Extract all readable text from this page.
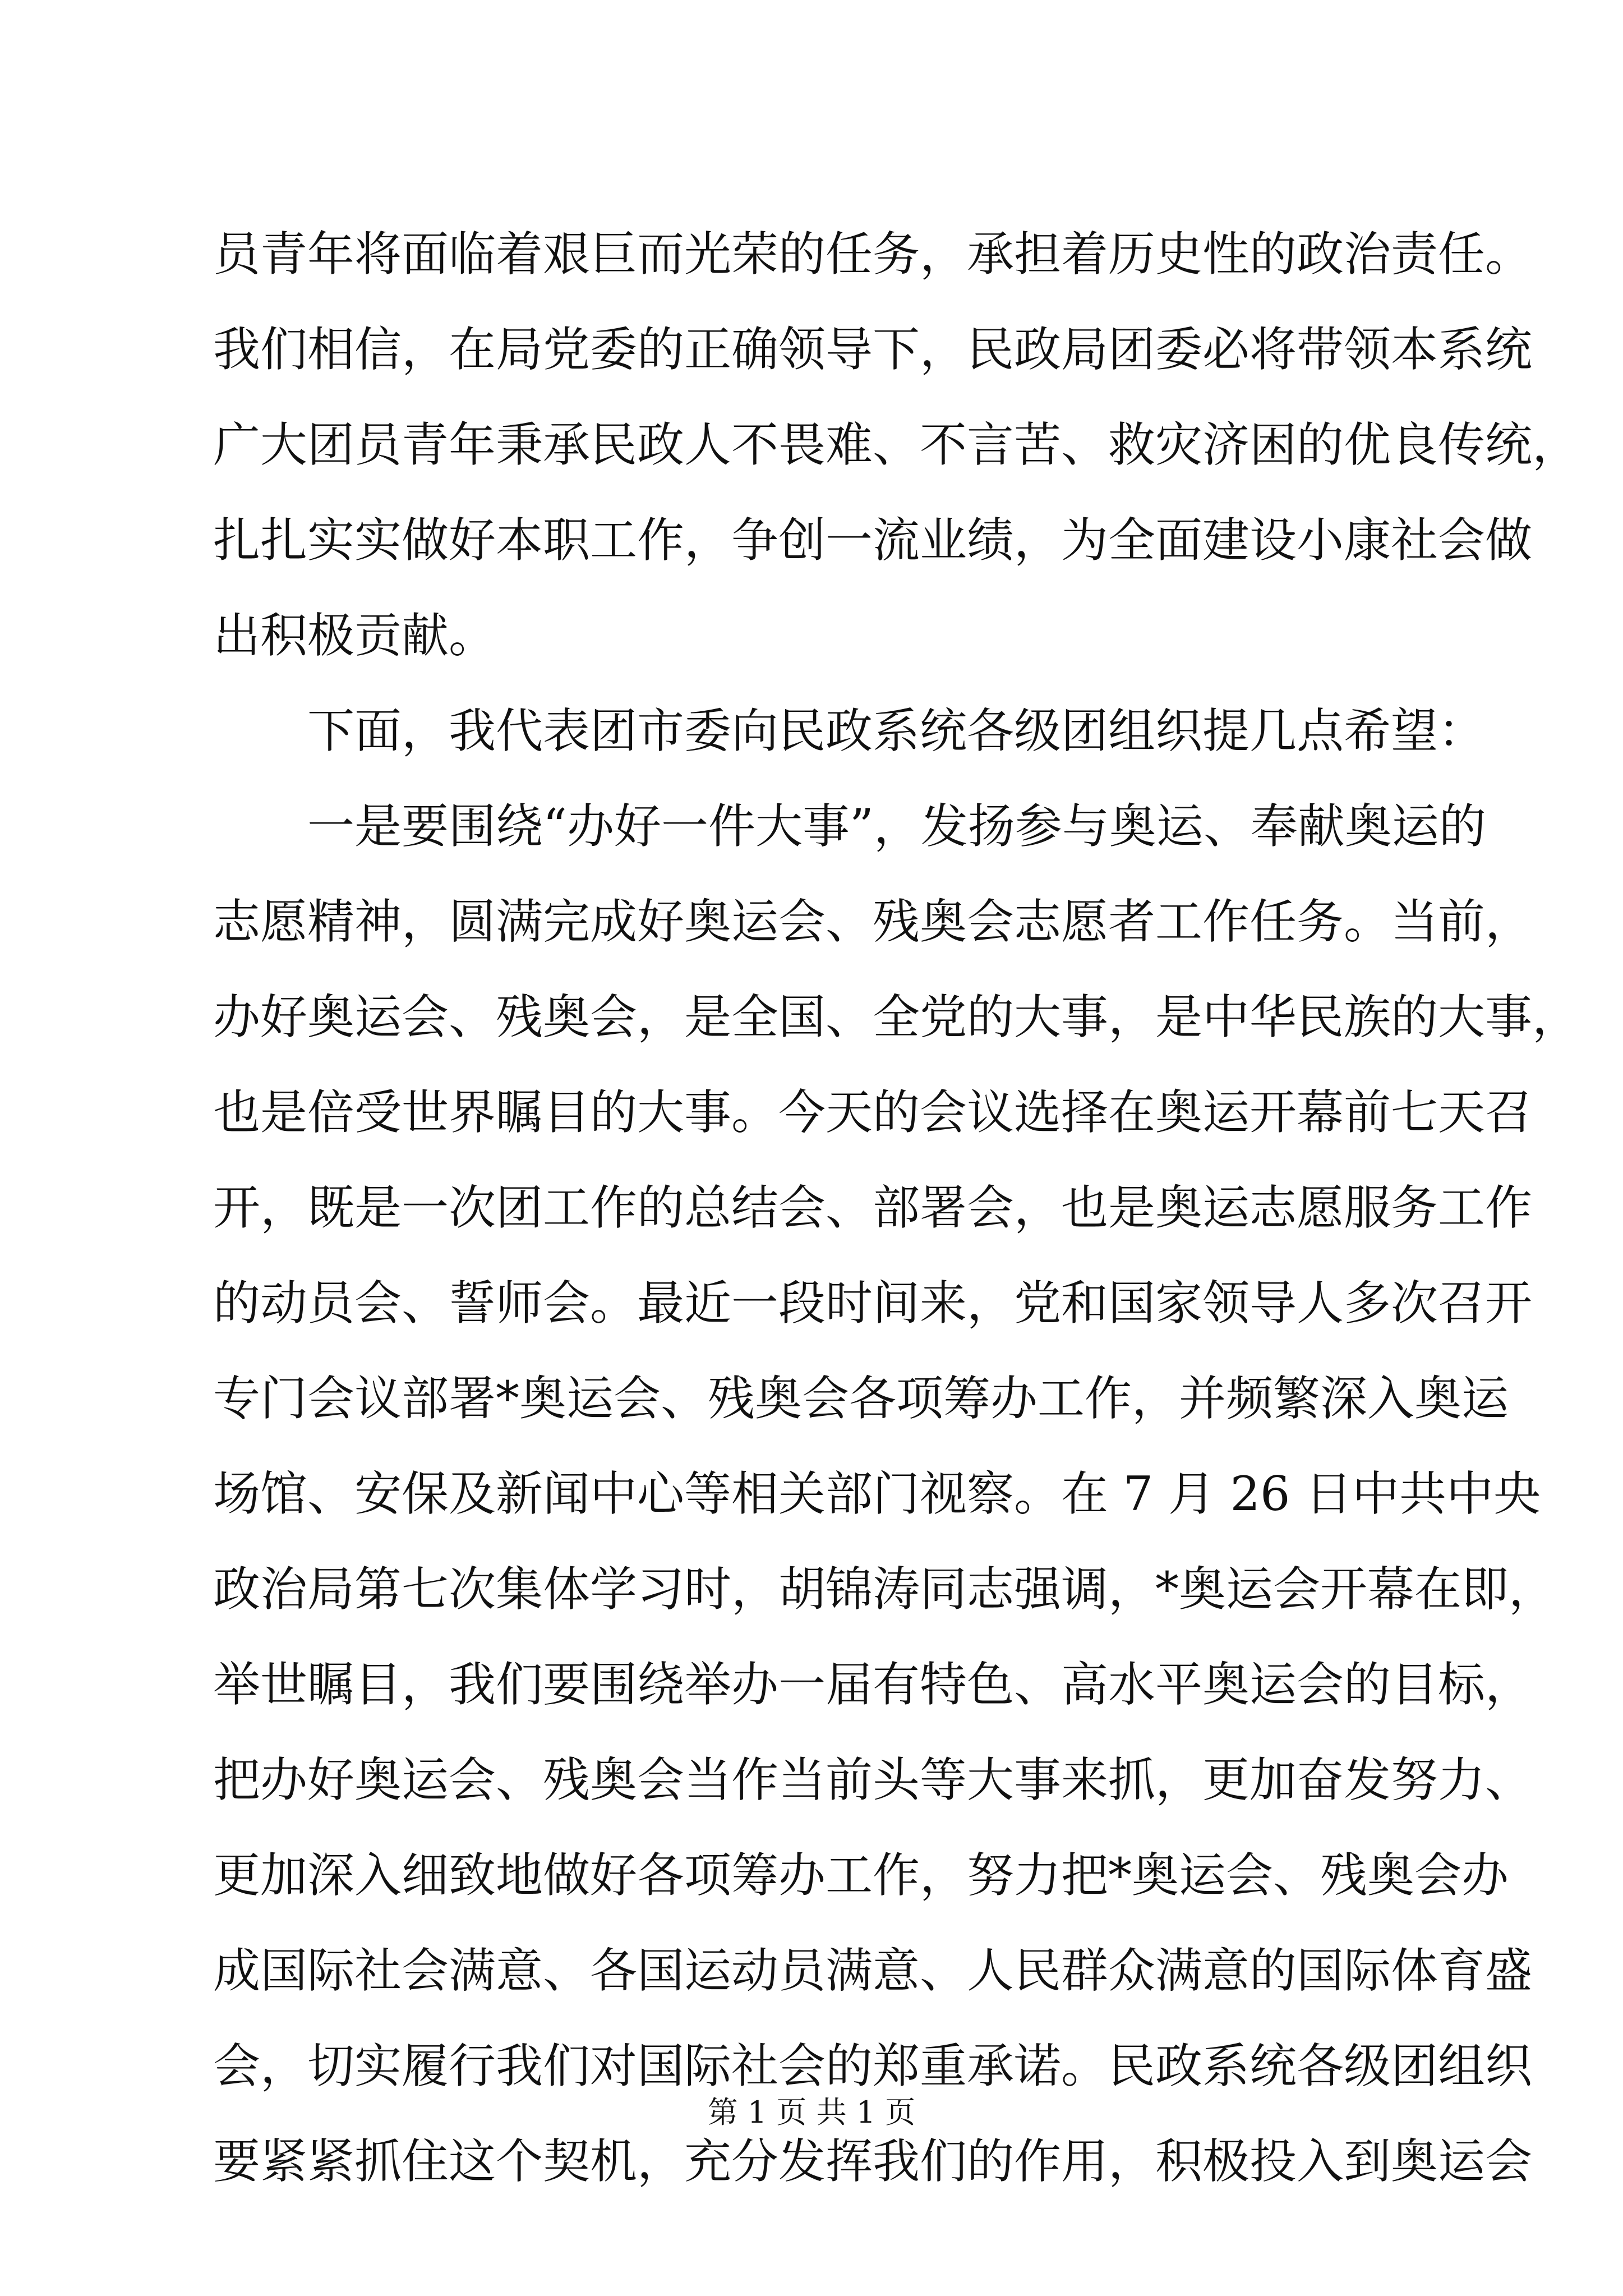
员青年将面临着艰巨而光荣的任务，承担着历史性的政治责任。
我们相信，在局党委的正确领导下，民政局团委必将带领本系统
广大团员青年秉承民政人不畏难、不言苦、救灾济困的优良传统，
扎扎实实做好本职工作，争创一流业绩，为全面建设小康社会做
出积极贡献。
　　下面，我代表团市委向民政系统各级团组织提几点希望：
　　一是要围绕“办好一件大事”，发扬参与奥运、奉献奥运的
志愿精神，圆满完成好奥运会、残奥会志愿者工作任务。当前，
办好奥运会、残奥会，是全国、全党的大事，是中华民族的大事，
也是倍受世界瞩目的大事。今天的会议选择在奥运开幕前七天召
开，既是一次团工作的总结会、部署会，也是奥运志愿服务工作
的动员会、誓师会。最近一段时间来，党和国家领导人多次召开
专门会议部署*奥运会、残奥会各项筹办工作，并频繁深入奥运
场馆、安保及新闻中心等相关部门视察。在 7 月 26 日中共中央
政治局第七次集体学习时，胡锦涛同志强调，*奥运会开幕在即，
举世瞩目，我们要围绕举办一届有特色、高水平奥运会的目标，
把办好奥运会、残奥会当作当前头等大事来抓，更加奋发努力、
更加深入细致地做好各项筹办工作，努力把*奥运会、残奥会办
成国际社会满意、各国运动员满意、人民群众满意的国际体育盛
会，切实履行我们对国际社会的郑重承诺。民政系统各级团组织
要紧紧抓住这个契机，充分发挥我们的作用，积极投入到奥运会
第 1 页 共 1 页
